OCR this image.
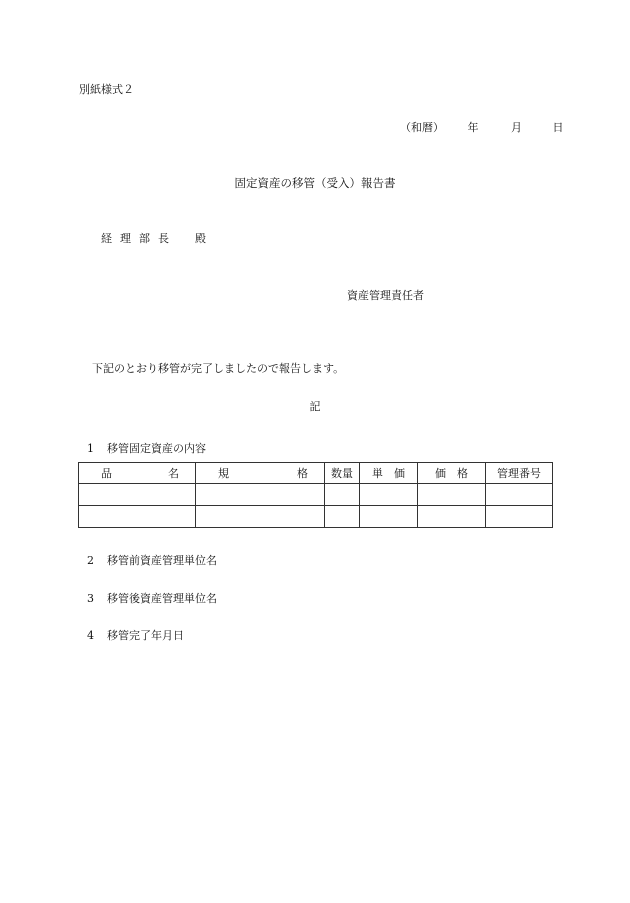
別紙様式２
（和暦） 年	月	日
固定資産の移管（受入）報告書
経理部長 殿
資産管理責任者
下記のとおり移管が完了しましたので報告します。
記
1 移管固定資産の内容
品 名	規 格	数量	単　価	価　格	管理番号

2 移管前資産管理単位名
3 移管後資産管理単位名
4 移管完了年月日
